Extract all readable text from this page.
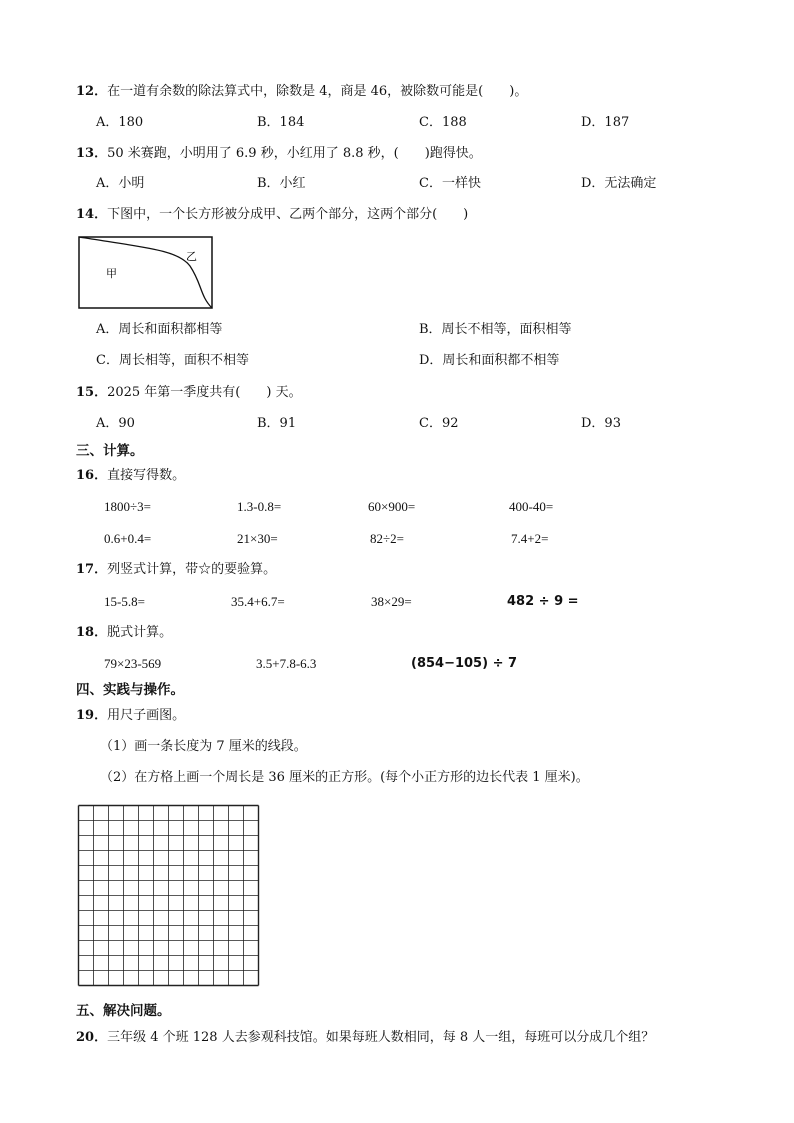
12．在一道有余数的除法算式中，除数是 4，商是 46，被除数可能是(　　)。
A．180	B．184	C．188	D．187
13．50 米赛跑，小明用了 6.9 秒，小红用了 8.8 秒，(　　)跑得快。
A．小明	B．小红	C．一样快	D．无法确定
14．下图中，一个长方形被分成甲、乙两个部分，这两个部分(　　)
甲
乙
A．周长和面积都相等	B．周长不相等，面积相等
C．周长相等，面积不相等	D．周长和面积都不相等
15．2025 年第一季度共有(　　) 天。
A．90	B．91	C．92	D．93
三、计算。
16．直接写得数。
1800÷3=	1.3-0.8=	60×900=	400-40=
0.6+0.4=	21×30=	82÷2=	7.4+2=
17．列竖式计算，带☆的要验算。
15-5.8=	35.4+6.7=	38×29=	482 ÷ 9 =
18．脱式计算。
79×23-569	3.5+7.8-6.3	(854−105) ÷ 7
四、实践与操作。
19．用尺子画图。
（1）画一条长度为 7 厘米的线段。
（2）在方格上画一个周长是 36 厘米的正方形。(每个小正方形的边长代表 1 厘米)。
五、解决问题。
20．三年级 4 个班 128 人去参观科技馆。如果每班人数相同，每 8 人一组，每班可以分成几个组？
